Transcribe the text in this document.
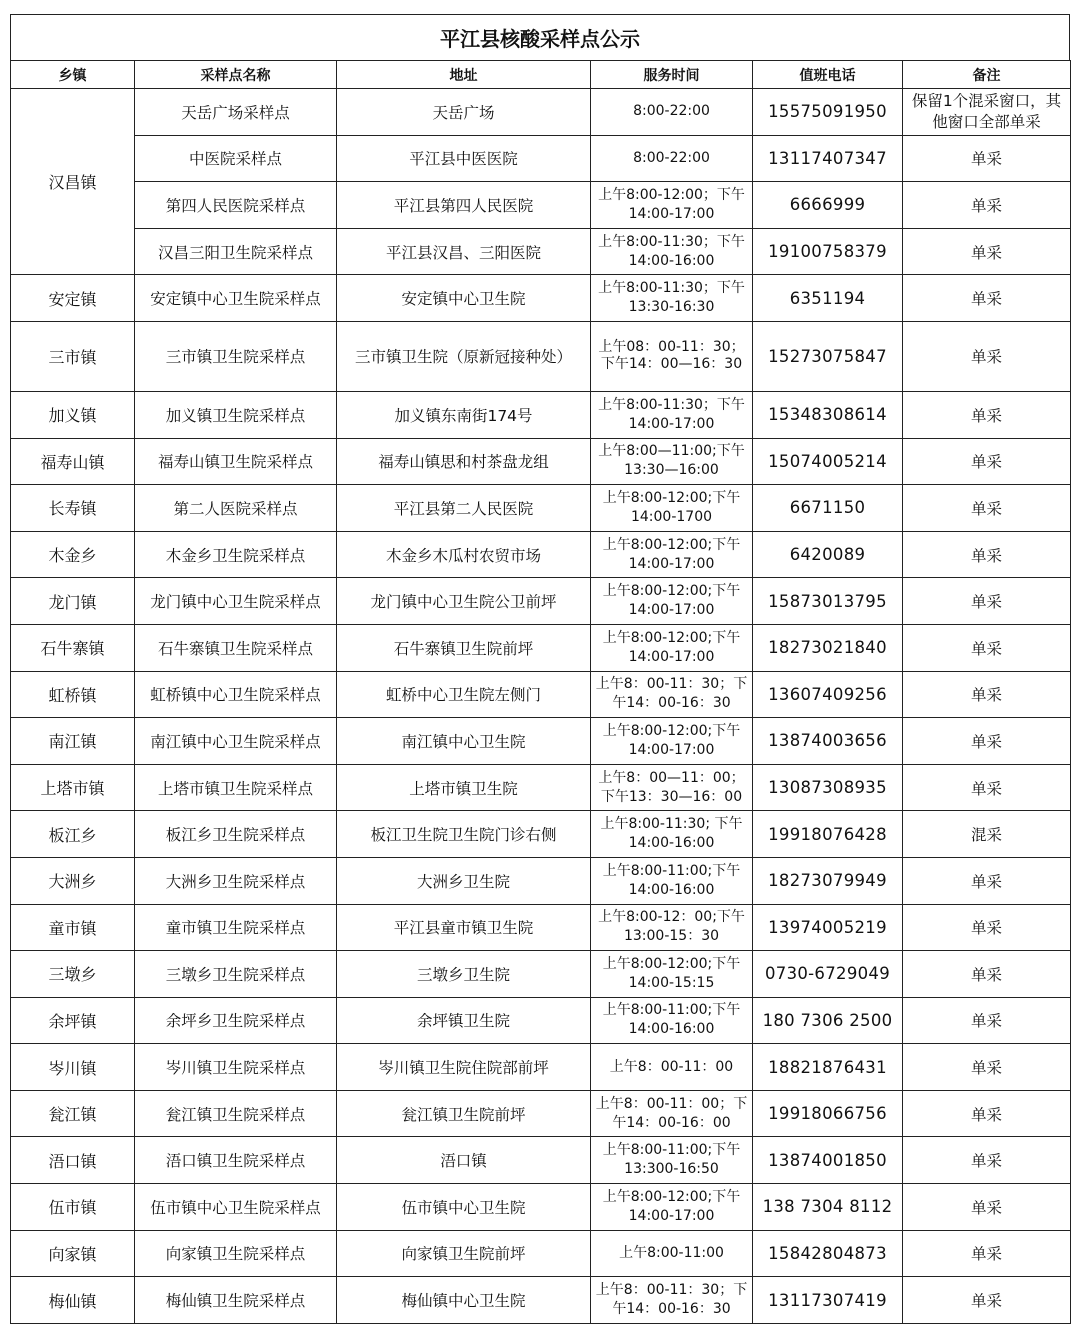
平江县核酸采样点公示
乡镇	采样点名称	地址	服务时间	值班电话	备注
汉昌镇	天岳广场采样点	天岳广场	8:00-22:00	15575091950	保留1个混采窗口，其他窗口全部单采
	中医院采样点	平江县中医医院	8:00-22:00	13117407347	单采
	第四人民医院采样点	平江县第四人民医院	上午8:00-12:00；下午14:00-17:00	6666999	单采
	汉昌三阳卫生院采样点	平江县汉昌、三阳医院	上午8:00-11:30；下午14:00-16:00	19100758379	单采
安定镇	安定镇中心卫生院采样点	安定镇中心卫生院	上午8:00-11:30；下午13:30-16:30	6351194	单采
三市镇	三市镇卫生院采样点	三市镇卫生院（原新冠接种处）	上午08：00-11：30；下午14：00—16：30	15273075847	单采
加义镇	加义镇卫生院采样点	加义镇东南街174号	上午8:00-11:30；下午14:00-17:00	15348308614	单采
福寿山镇	福寿山镇卫生院采样点	福寿山镇思和村茶盘龙组	上午8:00—11:00;下午13:30—16:00	15074005214	单采
长寿镇	第二人医院采样点	平江县第二人民医院	上午8:00-12:00;下午14:00-1700	6671150	单采
木金乡	木金乡卫生院采样点	木金乡木瓜村农贸市场	上午8:00-12:00;下午14:00-17:00	6420089	单采
龙门镇	龙门镇中心卫生院采样点	龙门镇中心卫生院公卫前坪	上午8:00-12:00;下午14:00-17:00	15873013795	单采
石牛寨镇	石牛寨镇卫生院采样点	石牛寨镇卫生院前坪	上午8:00-12:00;下午14:00-17:00	18273021840	单采
虹桥镇	虹桥镇中心卫生院采样点	虹桥中心卫生院左侧门	上午8：00-11：30；下午14：00-16：30	13607409256	单采
南江镇	南江镇中心卫生院采样点	南江镇中心卫生院	上午8:00-12:00;下午14:00-17:00	13874003656	单采
上塔市镇	上塔市镇卫生院采样点	上塔市镇卫生院	上午8：00—11：00；下午13：30—16：00	13087308935	单采
板江乡	板江乡卫生院采样点	板江卫生院卫生院门诊右侧	上午8:00-11:30; 下午14:00-16:00	19918076428	混采
大洲乡	大洲乡卫生院采样点	大洲乡卫生院	上午8:00-11:00;下午14:00-16:00	18273079949	单采
童市镇	童市镇卫生院采样点	平江县童市镇卫生院	上午8:00-12：00;下午13:00-15：30	13974005219	单采
三墩乡	三墩乡卫生院采样点	三墩乡卫生院	上午8:00-12:00;下午14:00-15:15	0730-6729049	单采
余坪镇	余坪乡卫生院采样点	余坪镇卫生院	上午8:00-11:00;下午14:00-16:00	180 7306 2500	单采
岑川镇	岑川镇卫生院采样点	岑川镇卫生院住院部前坪	上午8：00-11：00	18821876431	单采
瓮江镇	瓮江镇卫生院采样点	瓮江镇卫生院前坪	上午8：00-11：00；下午14：00-16：00	19918066756	单采
浯口镇	浯口镇卫生院采样点	浯口镇	上午8:00-11:00;下午13:300-16:50	13874001850	单采
伍市镇	伍市镇中心卫生院采样点	伍市镇中心卫生院	上午8:00-12:00;下午14:00-17:00	138 7304 8112	单采
向家镇	向家镇卫生院采样点	向家镇卫生院前坪	上午8:00-11:00	15842804873	单采
梅仙镇	梅仙镇卫生院采样点	梅仙镇中心卫生院	上午8：00-11：30；下午14：00-16：30	13117307419	单采
